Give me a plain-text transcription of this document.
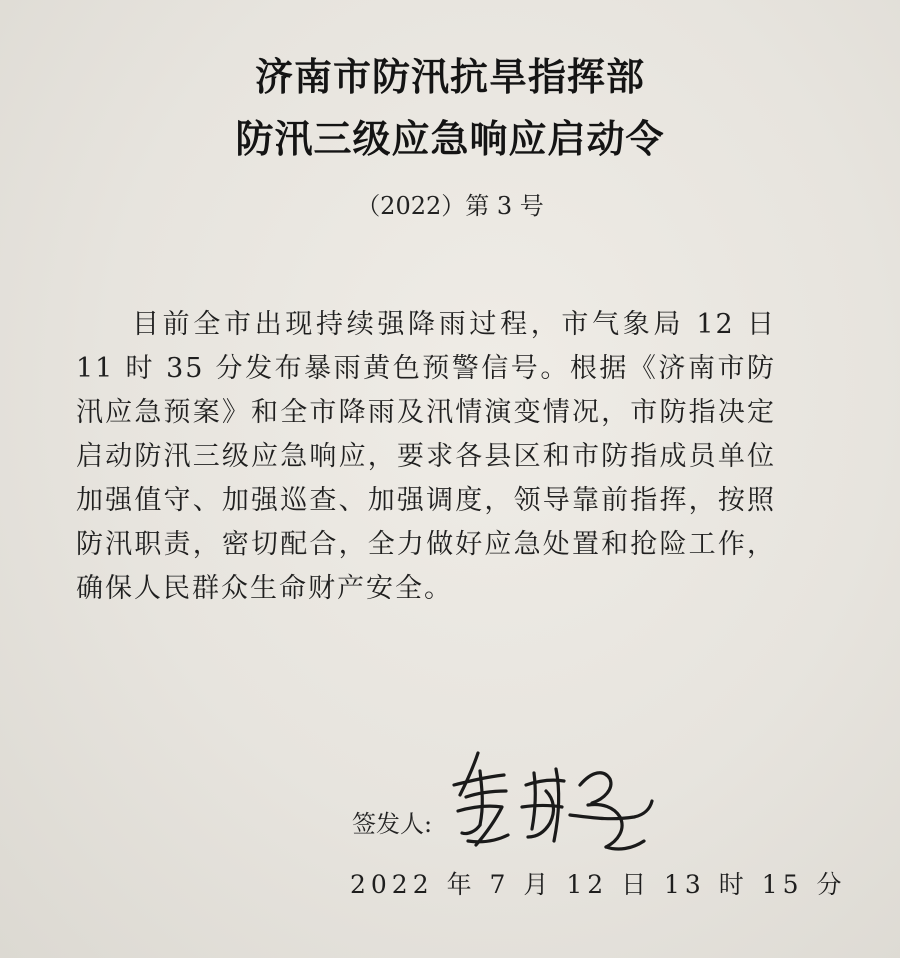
济南市防汛抗旱指挥部
防汛三级应急响应启动令
（2022）第 3 号

目前全市出现持续强降雨过程，市气象局 12 日 11 时 35 分发布暴雨黄色预警信号。根据《济南市防汛应急预案》和全市降雨及汛情演变情况，市防指决定启动防汛三级应急响应，要求各县区和市防指成员单位加强值守、加强巡查、加强调度，领导靠前指挥，按照防汛职责，密切配合，全力做好应急处置和抢险工作，确保人民群众生命财产安全。

签发人:
2022 年 7 月 12 日 13 时 15 分
